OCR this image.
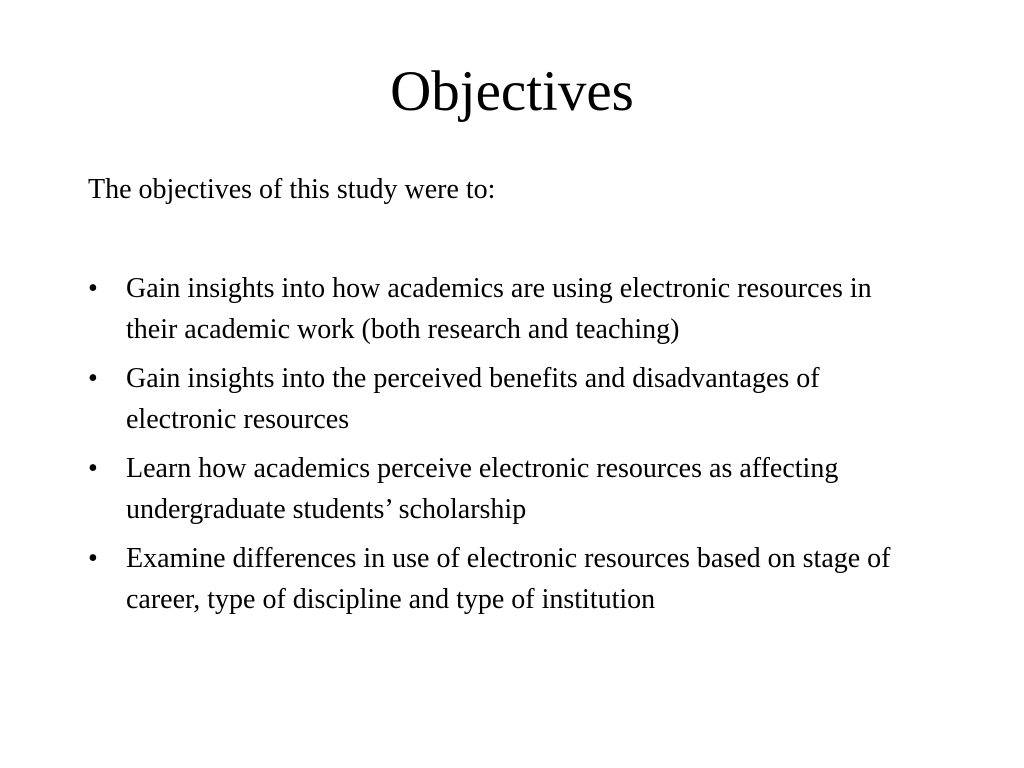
Objectives

The objectives of this study were to:

•	Gain insights into how academics are using electronic resources in their academic work (both research and teaching)
•	Gain insights into the perceived benefits and disadvantages of electronic resources
•	Learn how academics perceive electronic resources as affecting undergraduate students’ scholarship
•	Examine differences in use of electronic resources based on stage of career, type of discipline and type of institution
